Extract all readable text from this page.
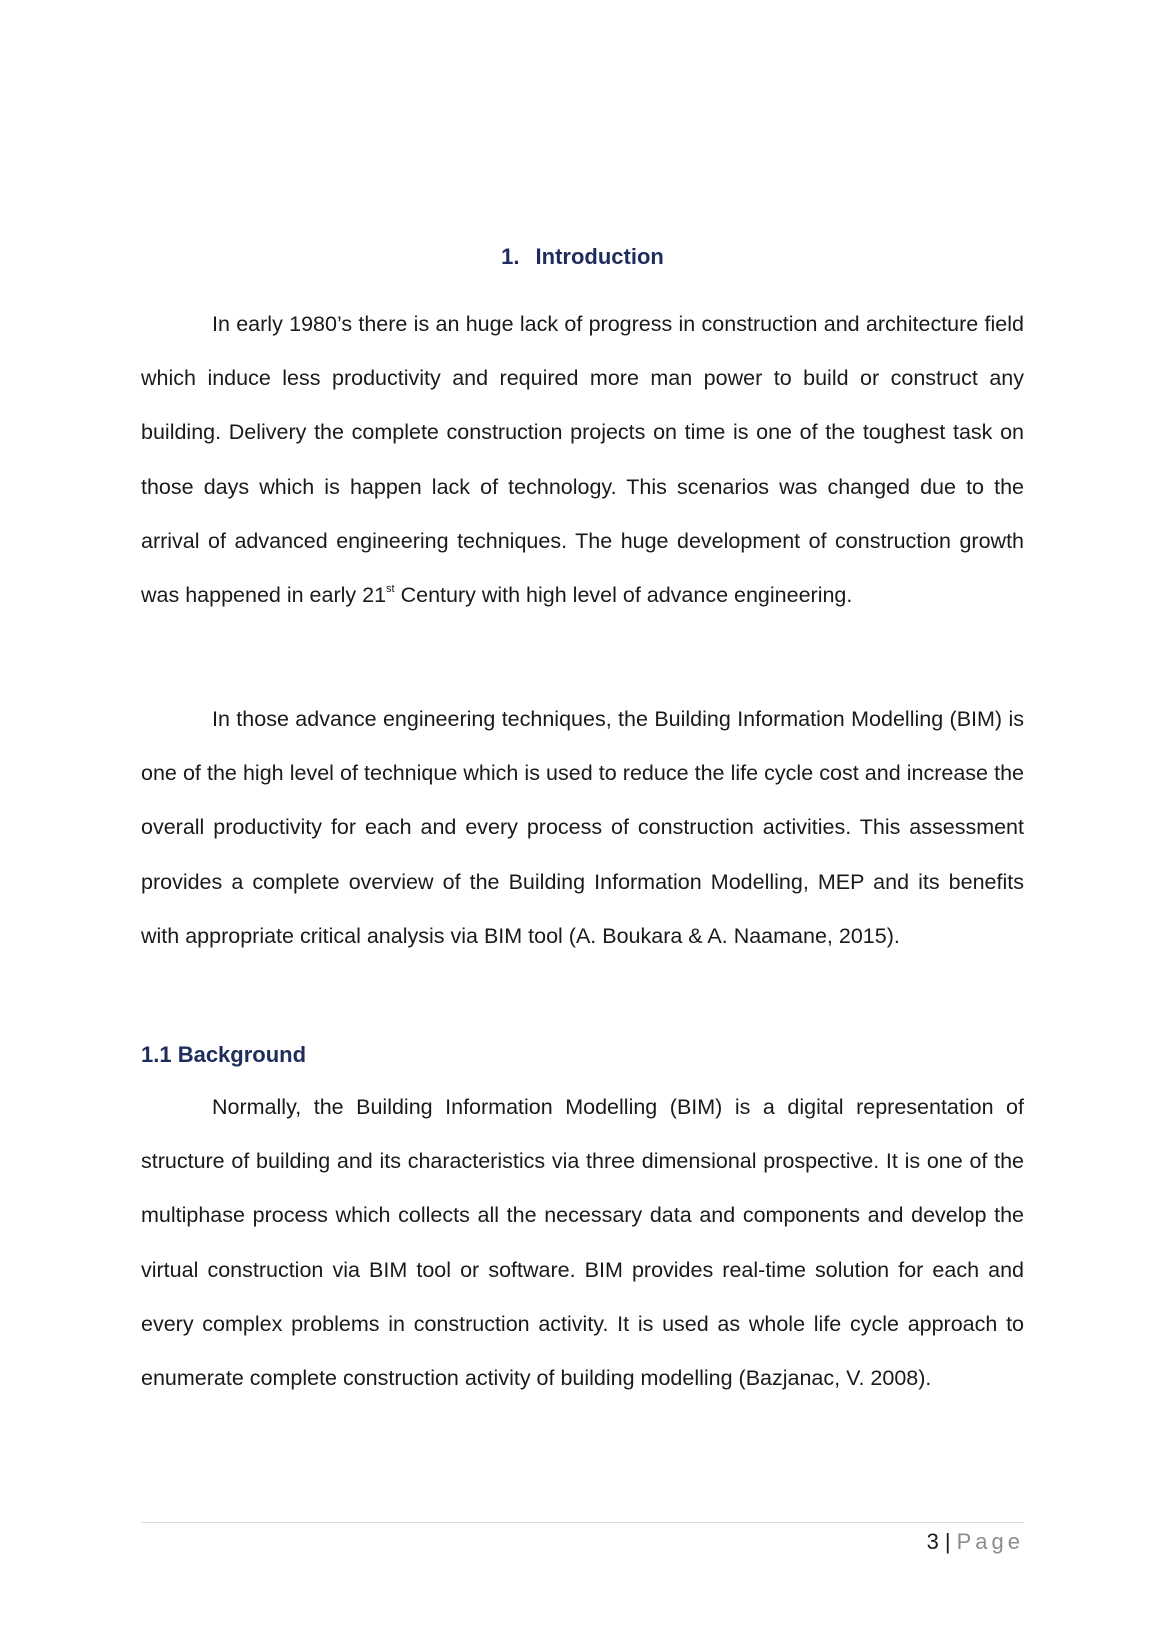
1. Introduction

In early 1980’s there is an huge lack of progress in construction and architecture field which induce less productivity and required more man power to build or construct any building. Delivery the complete construction projects on time is one of the toughest task on those days which is happen lack of technology. This scenarios was changed due to the arrival of advanced engineering techniques. The huge development of construction growth was happened in early 21st Century with high level of advance engineering.

In those advance engineering techniques, the Building Information Modelling (BIM) is one of the high level of technique which is used to reduce the life cycle cost and increase the overall productivity for each and every process of construction activities. This assessment provides a complete overview of the Building Information Modelling, MEP and its benefits with appropriate critical analysis via BIM tool (A. Boukara & A. Naamane, 2015).

1.1 Background

Normally, the Building Information Modelling (BIM) is a digital representation of structure of building and its characteristics via three dimensional prospective. It is one of the multiphase process which collects all the necessary data and components and develop the virtual construction via BIM tool or software. BIM provides real-time solution for each and every complex problems in construction activity. It is used as whole life cycle approach to enumerate complete construction activity of building modelling (Bazjanac, V. 2008).

3 | Page
